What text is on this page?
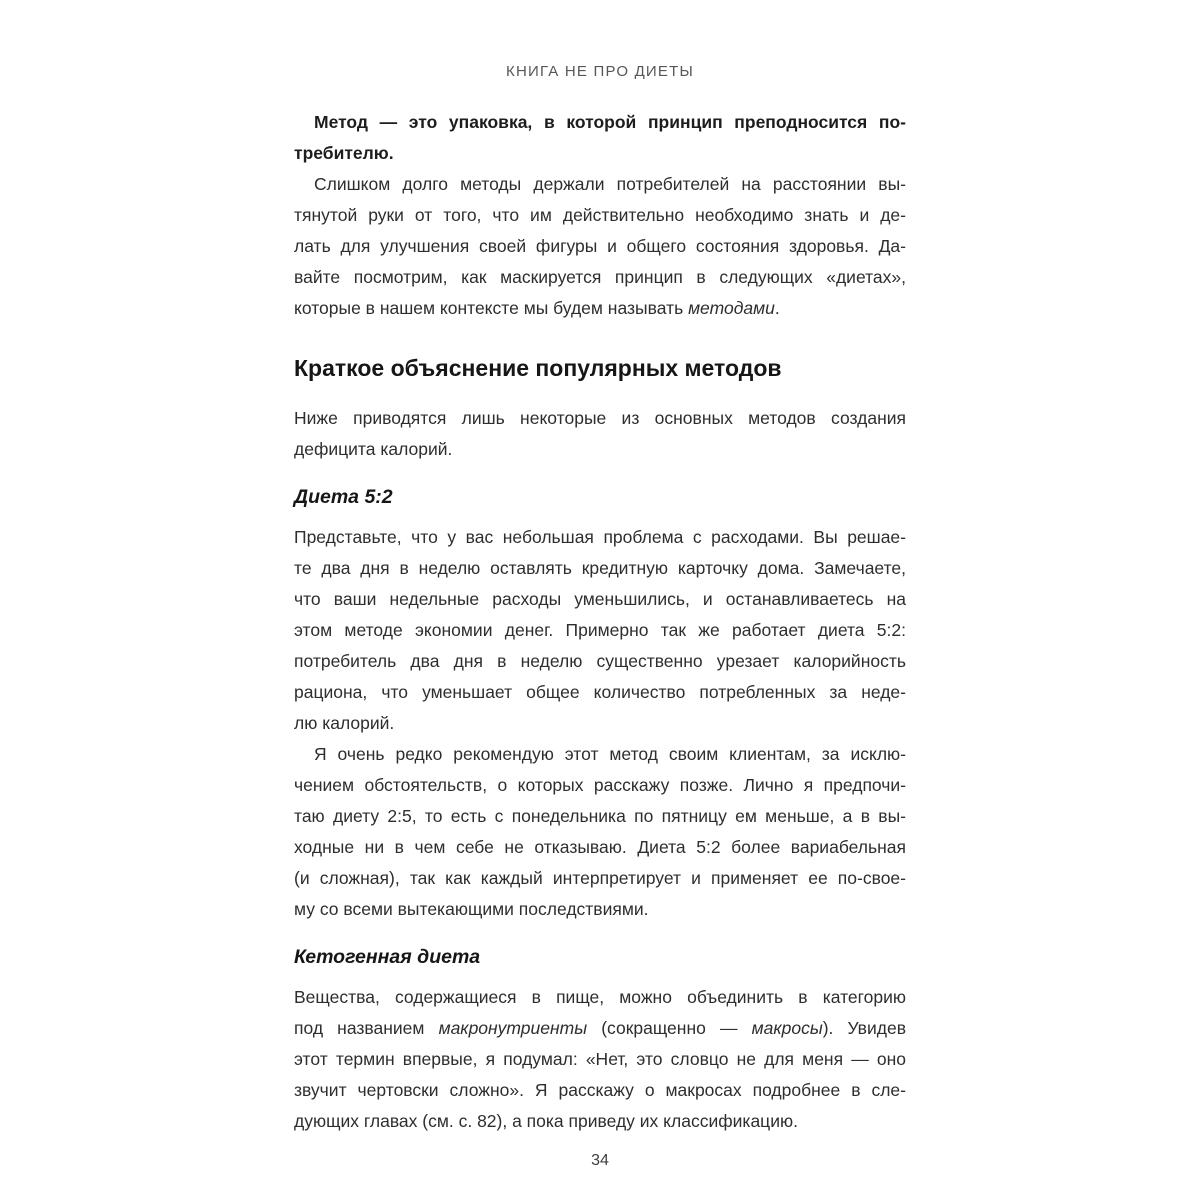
КНИГА НЕ ПРО ДИЕТЫ
Метод — это упаковка, в которой принцип преподносится по-
требителю.
Слишком долго методы держали потребителей на расстоянии вы-
тянутой руки от того, что им действительно необходимо знать и де-
лать для улучшения своей фигуры и общего состояния здоровья. Да-
вайте посмотрим, как маскируется принцип в следующих «диетах»,
которые в нашем контексте мы будем называть методами.
Краткое объяснение популярных методов
Ниже приводятся лишь некоторые из основных методов создания
дефицита калорий.
Диета 5:2
Представьте, что у вас небольшая проблема с расходами. Вы решае-
те два дня в неделю оставлять кредитную карточку дома. Замечаете,
что ваши недельные расходы уменьшились, и останавливаетесь на
этом методе экономии денег. Примерно так же работает диета 5:2:
потребитель два дня в неделю существенно урезает калорийность
рациона, что уменьшает общее количество потребленных за неде-
лю калорий.
Я очень редко рекомендую этот метод своим клиентам, за исклю-
чением обстоятельств, о которых расскажу позже. Лично я предпочи-
таю диету 2:5, то есть с понедельника по пятницу ем меньше, а в вы-
ходные ни в чем себе не отказываю. Диета 5:2 более вариабельная
(и сложная), так как каждый интерпретирует и применяет ее по-свое-
му со всеми вытекающими последствиями.
Кетогенная диета
Вещества, содержащиеся в пище, можно объединить в категорию
под названием макронутриенты (сокращенно — макросы). Увидев
этот термин впервые, я подумал: «Нет, это словцо не для меня — оно
звучит чертовски сложно». Я расскажу о макросах подробнее в сле-
дующих главах (см. с. 82), а пока приведу их классификацию.
34
